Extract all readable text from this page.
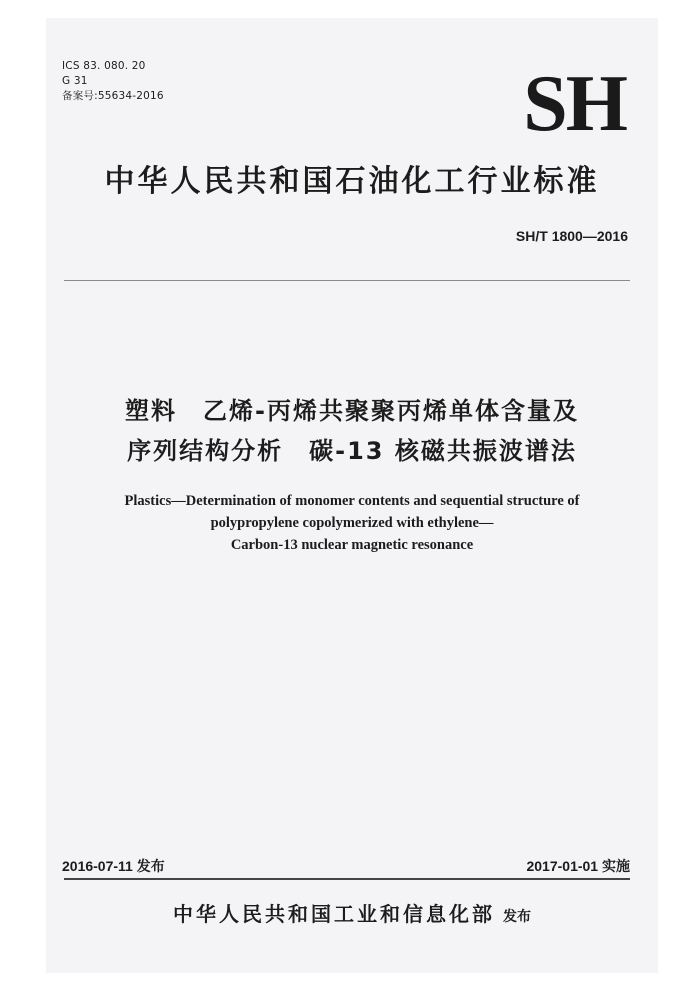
ICS 83. 080. 20
G 31
备案号:55634-2016	SH
中华人民共和国石油化工行业标准
SH/T 1800—2016
塑料　乙烯-丙烯共聚聚丙烯单体含量及
序列结构分析　碳-13 核磁共振波谱法
Plastics—Determination of monomer contents and sequential structure of
polypropylene copolymerized with ethylene—
Carbon-13 nuclear magnetic resonance
2016-07-11 发布	2017-01-01 实施
中华人民共和国工业和信息化部 发布
